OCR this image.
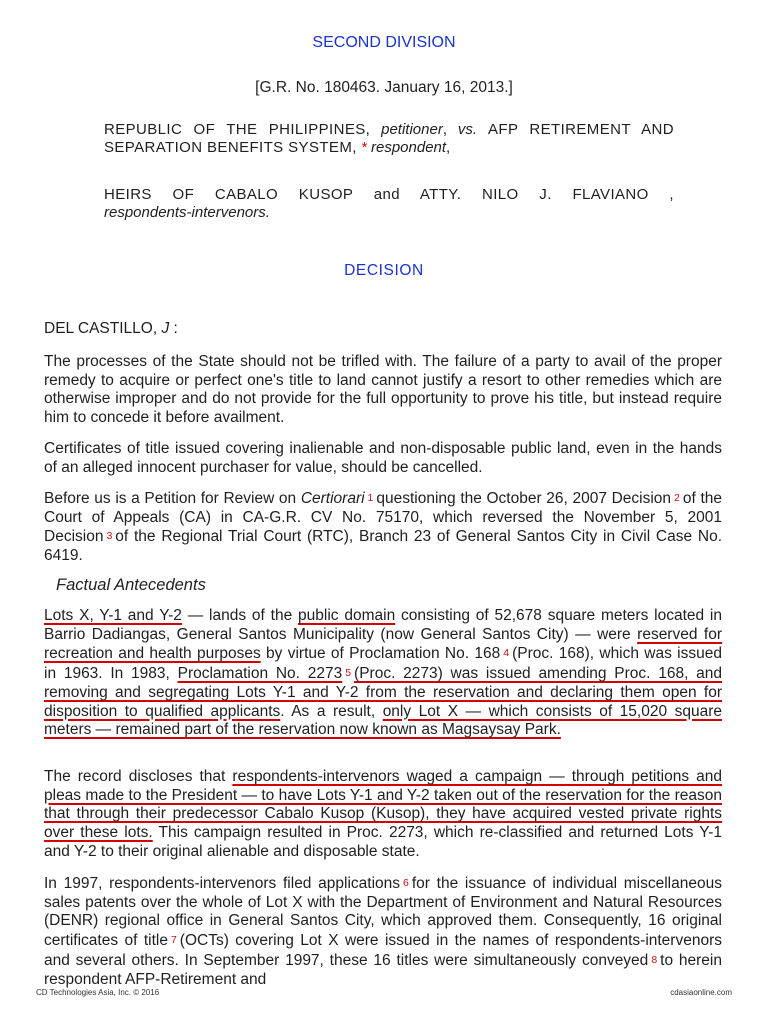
SECOND DIVISION
[G.R. No. 180463. January 16, 2013.]
REPUBLIC OF THE PHILIPPINES, petitioner, vs. AFP RETIREMENT AND SEPARATION BENEFITS SYSTEM, * respondent,
HEIRS OF CABALO KUSOP and ATTY. NILO J. FLAVIANO ,
respondents-intervenors.
DECISION
DEL CASTILLO, J :

The processes of the State should not be trifled with. The failure of a party to avail of the proper remedy to acquire or perfect one's title to land cannot justify a resort to other remedies which are otherwise improper and do not provide for the full opportunity to prove his title, but instead require him to concede it before availment.

Certificates of title issued covering inalienable and non-disposable public land, even in the hands of an alleged innocent purchaser for value, should be cancelled.

Before us is a Petition for Review on Certiorari 1 questioning the October 26, 2007 Decision 2 of the Court of Appeals (CA) in CA-G.R. CV No. 75170, which reversed the November 5, 2001 Decision 3 of the Regional Trial Court (RTC), Branch 23 of General Santos City in Civil Case No. 6419.

Factual Antecedents

Lots X, Y-1 and Y-2 — lands of the public domain consisting of 52,678 square meters located in Barrio Dadiangas, General Santos Municipality (now General Santos City) — were reserved for recreation and health purposes by virtue of Proclamation No. 168 4 (Proc. 168), which was issued in 1963. In 1983, Proclamation No. 2273 5 (Proc. 2273) was issued amending Proc. 168, and removing and segregating Lots Y-1 and Y-2 from the reservation and declaring them open for disposition to qualified applicants. As a result, only Lot X — which consists of 15,020 square meters — remained part of the reservation now known as Magsaysay Park.

The record discloses that respondents-intervenors waged a campaign — through petitions and pleas made to the President — to have Lots Y-1 and Y-2 taken out of the reservation for the reason that through their predecessor Cabalo Kusop (Kusop), they have acquired vested private rights over these lots. This campaign resulted in Proc. 2273, which re-classified and returned Lots Y-1 and Y-2 to their original alienable and disposable state.

In 1997, respondents-intervenors filed applications 6 for the issuance of individual miscellaneous sales patents over the whole of Lot X with the Department of Environment and Natural Resources (DENR) regional office in General Santos City, which approved them. Consequently, 16 original certificates of title 7 (OCTs) covering Lot X were issued in the names of respondents-intervenors and several others. In September 1997, these 16 titles were simultaneously conveyed 8 to herein respondent AFP-Retirement and

CD Technologies Asia, Inc. © 2016	cdasiaonline.com
